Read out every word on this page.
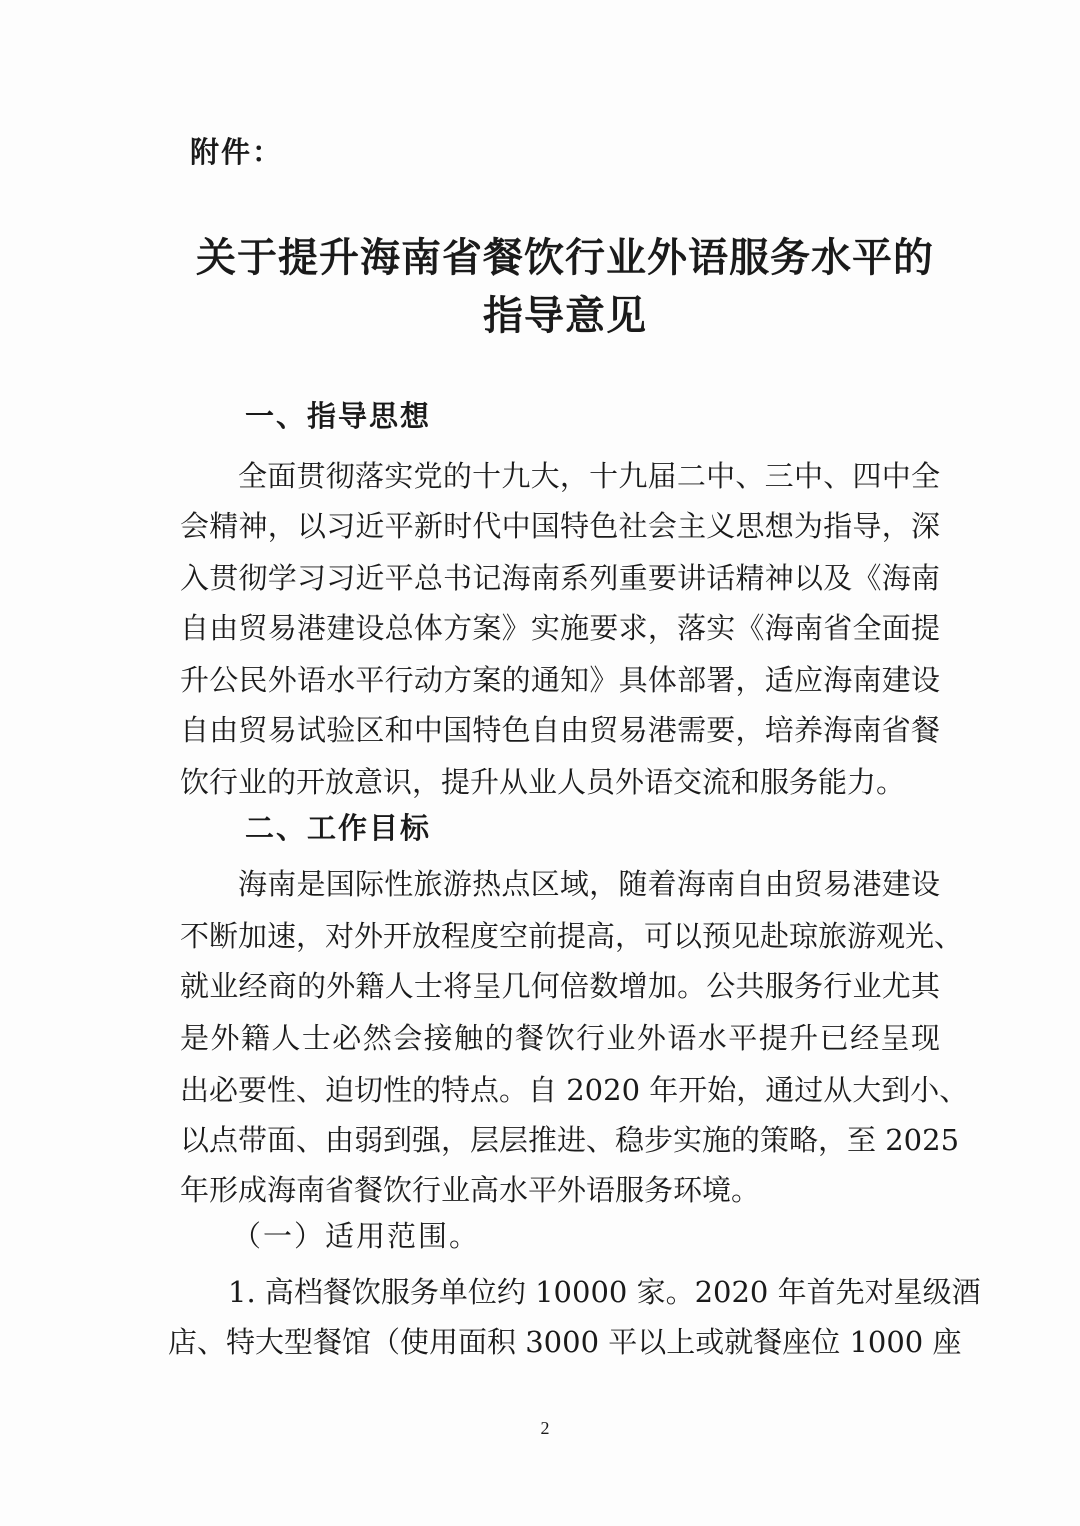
附件：
关于提升海南省餐饮行业外语服务水平的
指导意见
一、指导思想
全面贯彻落实党的十九大，十九届二中、三中、四中全
会精神，以习近平新时代中国特色社会主义思想为指导，深
入贯彻学习习近平总书记海南系列重要讲话精神以及《海南
自由贸易港建设总体方案》实施要求，落实《海南省全面提
升公民外语水平行动方案的通知》具体部署，适应海南建设
自由贸易试验区和中国特色自由贸易港需要，培养海南省餐
饮行业的开放意识，提升从业人员外语交流和服务能力。
二、工作目标
海南是国际性旅游热点区域，随着海南自由贸易港建设
不断加速，对外开放程度空前提高，可以预见赴琼旅游观光、
就业经商的外籍人士将呈几何倍数增加。公共服务行业尤其
是外籍人士必然会接触的餐饮行业外语水平提升已经呈现
出必要性、迫切性的特点。自 2020 年开始，通过从大到小、
以点带面、由弱到强，层层推进、稳步实施的策略，至 2025
年形成海南省餐饮行业高水平外语服务环境。
（一）适用范围。
1. 高档餐饮服务单位约 10000 家。2020 年首先对星级酒
店、特大型餐馆（使用面积 3000 平以上或就餐座位 1000 座
2
